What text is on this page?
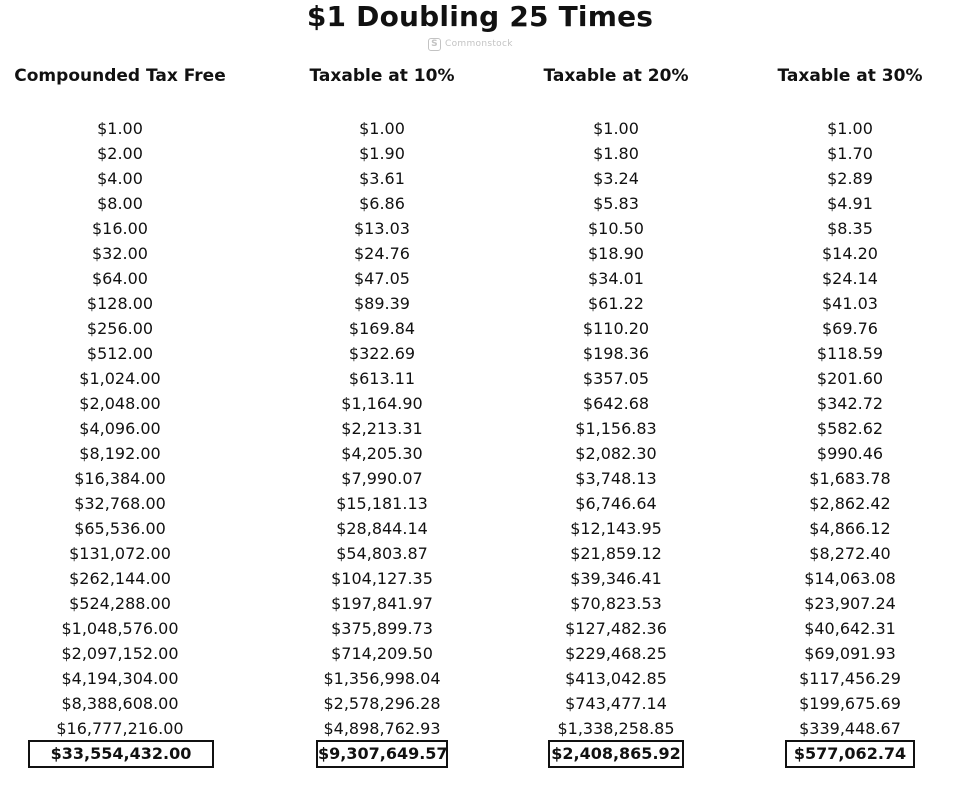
$1 Doubling 25 Times
S Commonstock
Compounded Tax Free
$1.00
$2.00
$4.00
$8.00
$16.00
$32.00
$64.00
$128.00
$256.00
$512.00
$1,024.00
$2,048.00
$4,096.00
$8,192.00
$16,384.00
$32,768.00
$65,536.00
$131,072.00
$262,144.00
$524,288.00
$1,048,576.00
$2,097,152.00
$4,194,304.00
$8,388,608.00
$16,777,216.00
$33,554,432.00
Taxable at 10%
$1.00
$1.90
$3.61
$6.86
$13.03
$24.76
$47.05
$89.39
$169.84
$322.69
$613.11
$1,164.90
$2,213.31
$4,205.30
$7,990.07
$15,181.13
$28,844.14
$54,803.87
$104,127.35
$197,841.97
$375,899.73
$714,209.50
$1,356,998.04
$2,578,296.28
$4,898,762.93
$9,307,649.57
Taxable at 20%
$1.00
$1.80
$3.24
$5.83
$10.50
$18.90
$34.01
$61.22
$110.20
$198.36
$357.05
$642.68
$1,156.83
$2,082.30
$3,748.13
$6,746.64
$12,143.95
$21,859.12
$39,346.41
$70,823.53
$127,482.36
$229,468.25
$413,042.85
$743,477.14
$1,338,258.85
$2,408,865.92
Taxable at 30%
$1.00
$1.70
$2.89
$4.91
$8.35
$14.20
$24.14
$41.03
$69.76
$118.59
$201.60
$342.72
$582.62
$990.46
$1,683.78
$2,862.42
$4,866.12
$8,272.40
$14,063.08
$23,907.24
$40,642.31
$69,091.93
$117,456.29
$199,675.69
$339,448.67
$577,062.74
